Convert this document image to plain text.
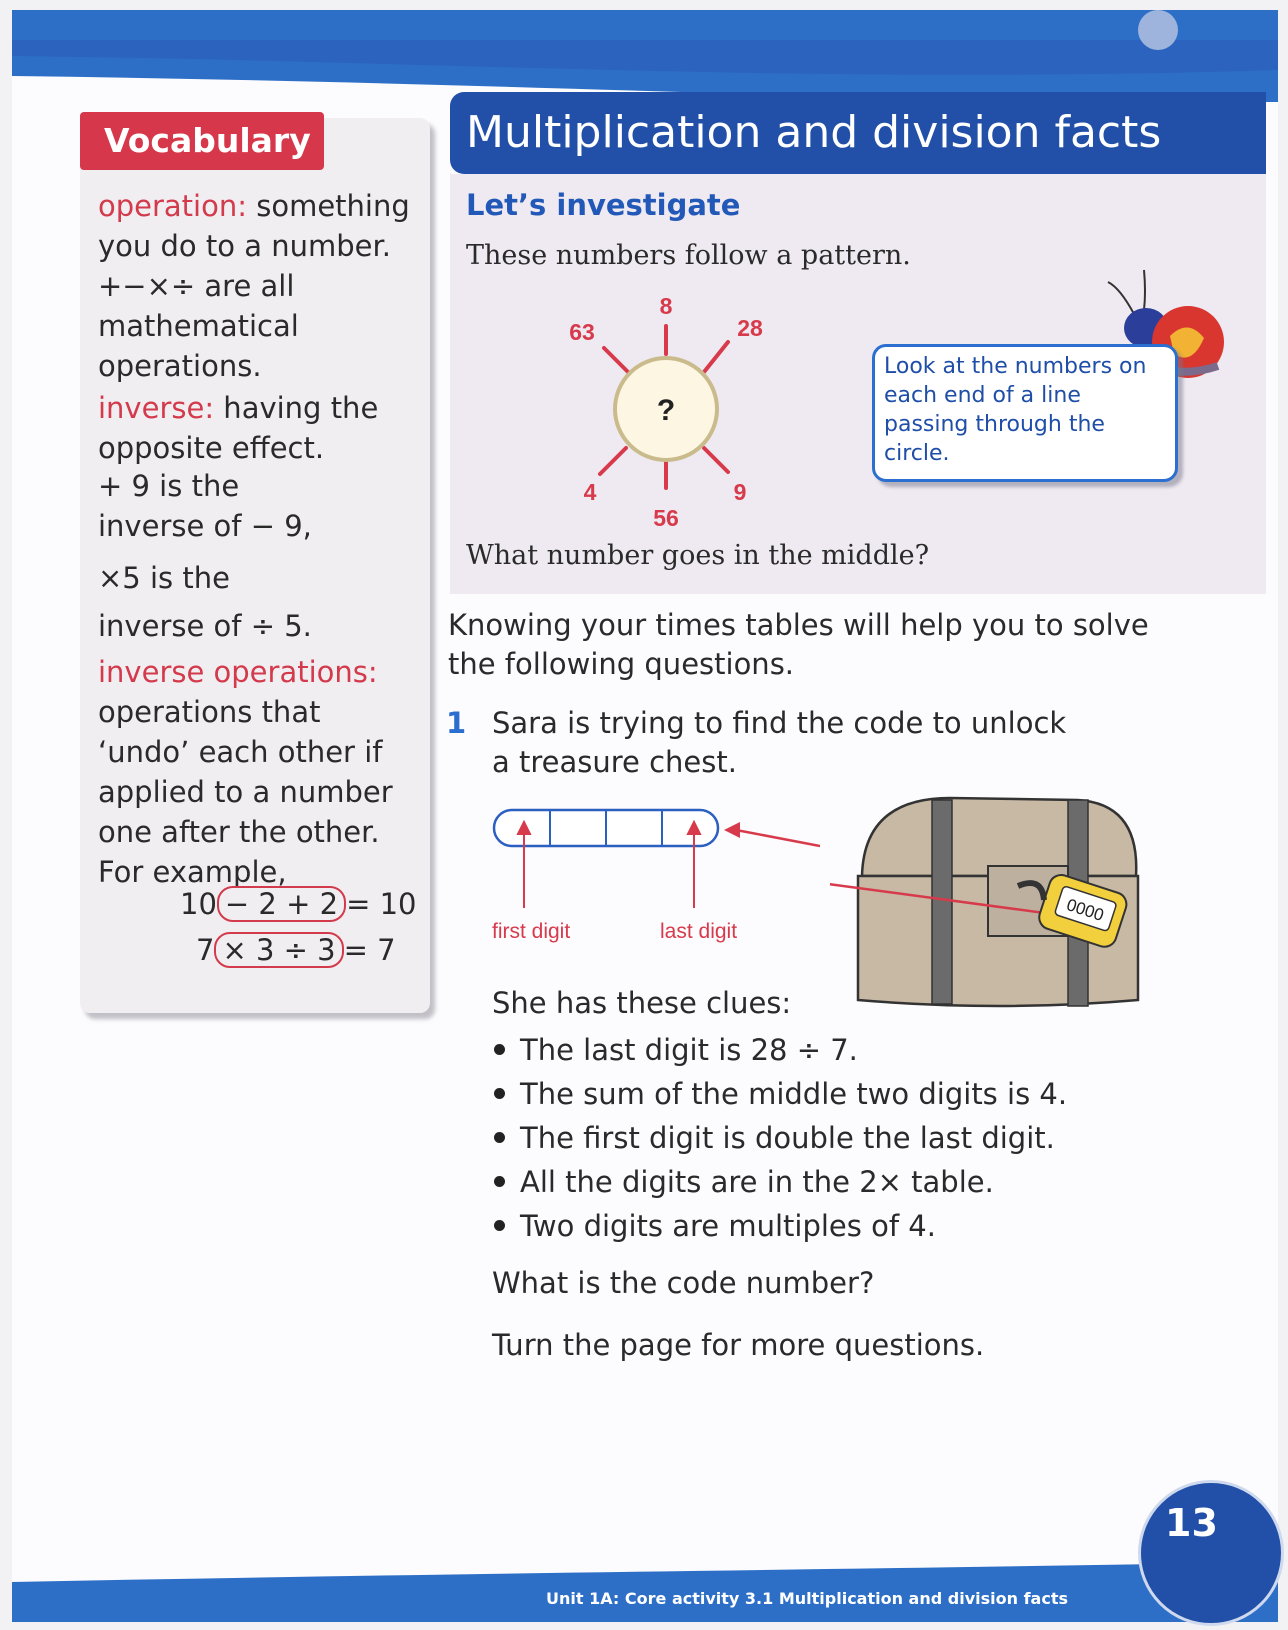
Unit 1A: Core activity 3.1 Multiplication and division facts
13
Vocabulary
operation: something you do to a number. +−×÷ are all mathematical operations.
inverse: having the opposite effect.
+ 9 is the inverse of − 9,
×5 is the inverse of ÷ 5.
inverse operations:
operations that ‘undo’ each other if applied to a number one after the other. For example,
10 − 2 + 2 = 10
7 × 3 ÷ 3 = 7
Multiplication and division facts
Let’s investigate
These numbers follow a pattern.
8
63	28
56
4	9
?
Look at the numbers on each end of a line passing through the circle.
What number goes in the middle?
Knowing your times tables will help you to solve the following questions.
1 Sara is trying to find the code to unlock a treasure chest.
first digit	last digit
0000
She has these clues:
The last digit is 28 ÷ 7.
The sum of the middle two digits is 4.
The first digit is double the last digit.
All the digits are in the 2× table.
Two digits are multiples of 4.
What is the code number?
Turn the page for more questions.
